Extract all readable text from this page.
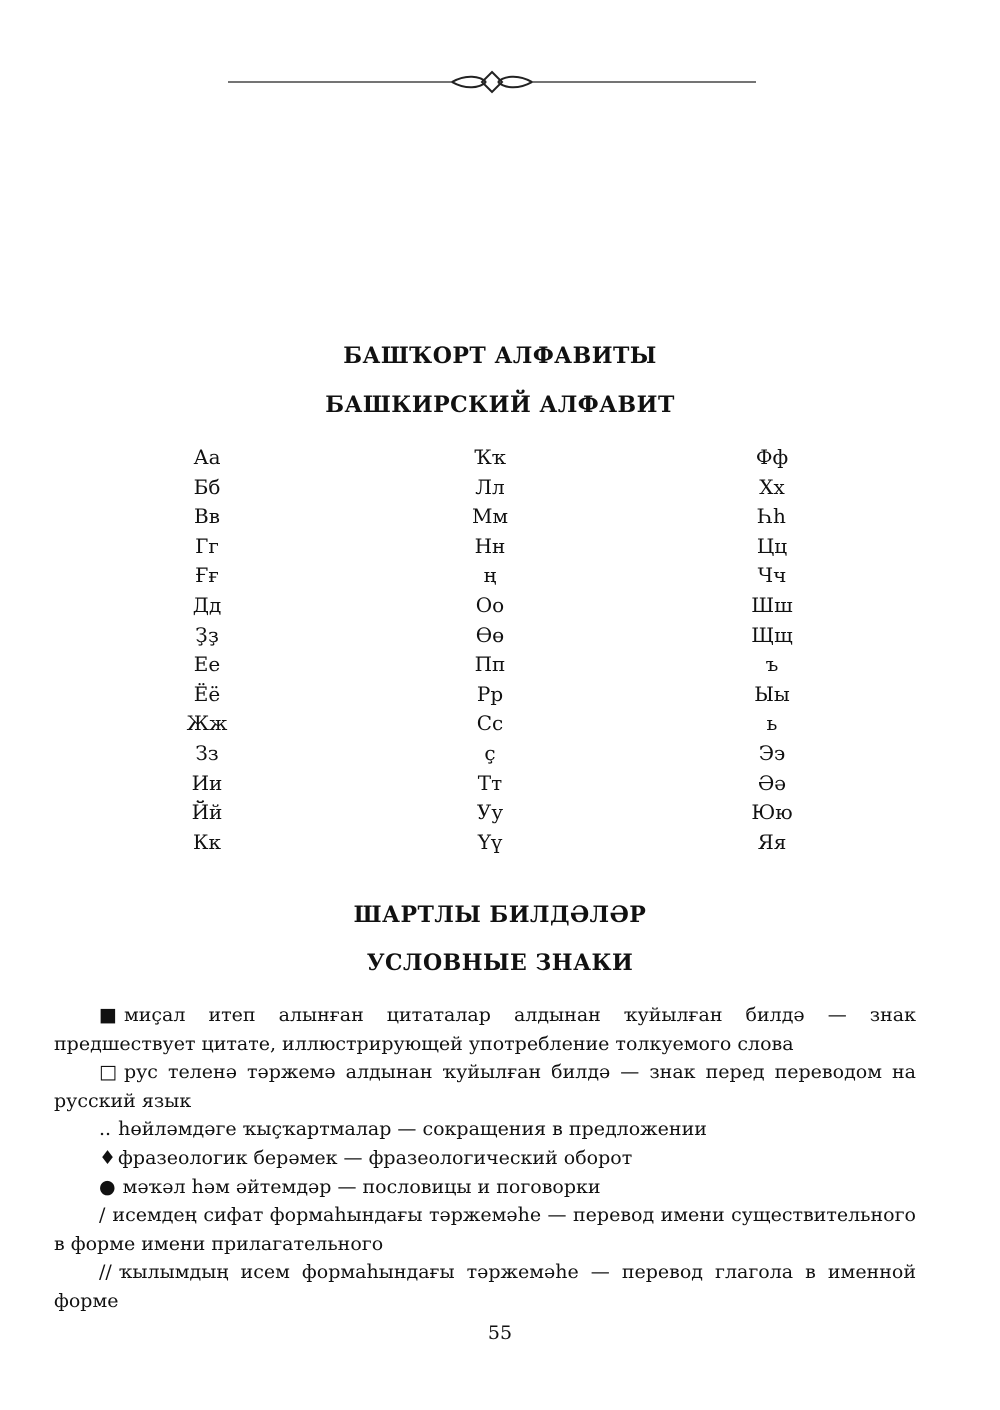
БАШҠОРТ АЛФАВИТЫ
БАШКИРСКИЙ АЛФАВИТ
Аа
Бб
Вв
Гг
Ғғ
Дд
Ҙҙ
Ее
Ёё
Жж
Зз
Ии
Йй
Кк
Ҡҡ
Лл
Мм
Нн
ң
Оо
Өө
Пп
Рр
Сс
ҫ
Тт
Уу
Үү
Фф
Хх
Һһ
Цц
Чч
Шш
Щщ
ъ
Ыы
ь
Ээ
Әә
Юю
Яя
ШАРТЛЫ БИЛДӘЛӘР
УСЛОВНЫЕ ЗНАКИ
■ миҫал итеп алынған цитаталар алдынан ҡуйылған билдә — знак предшествует цитате, иллюстрирующей употребление толкуемого слова
□ рус теленә тәржемә алдынан ҡуйылған билдә — знак перед переводом на русский язык
.. һөйләмдәге ҡыҫҡартмалар — сокращения в предложении
♦ фразеологик берәмек — фразеологический оборот
● мәҡәл һәм әйтемдәр — пословицы и поговорки
/ исемдең сифат формаһындағы тәржемәһе — перевод имени существительного в форме имени прилагательного
// ҡылымдың исем формаһындағы тәржемәһе — перевод глагола в именной форме
55
